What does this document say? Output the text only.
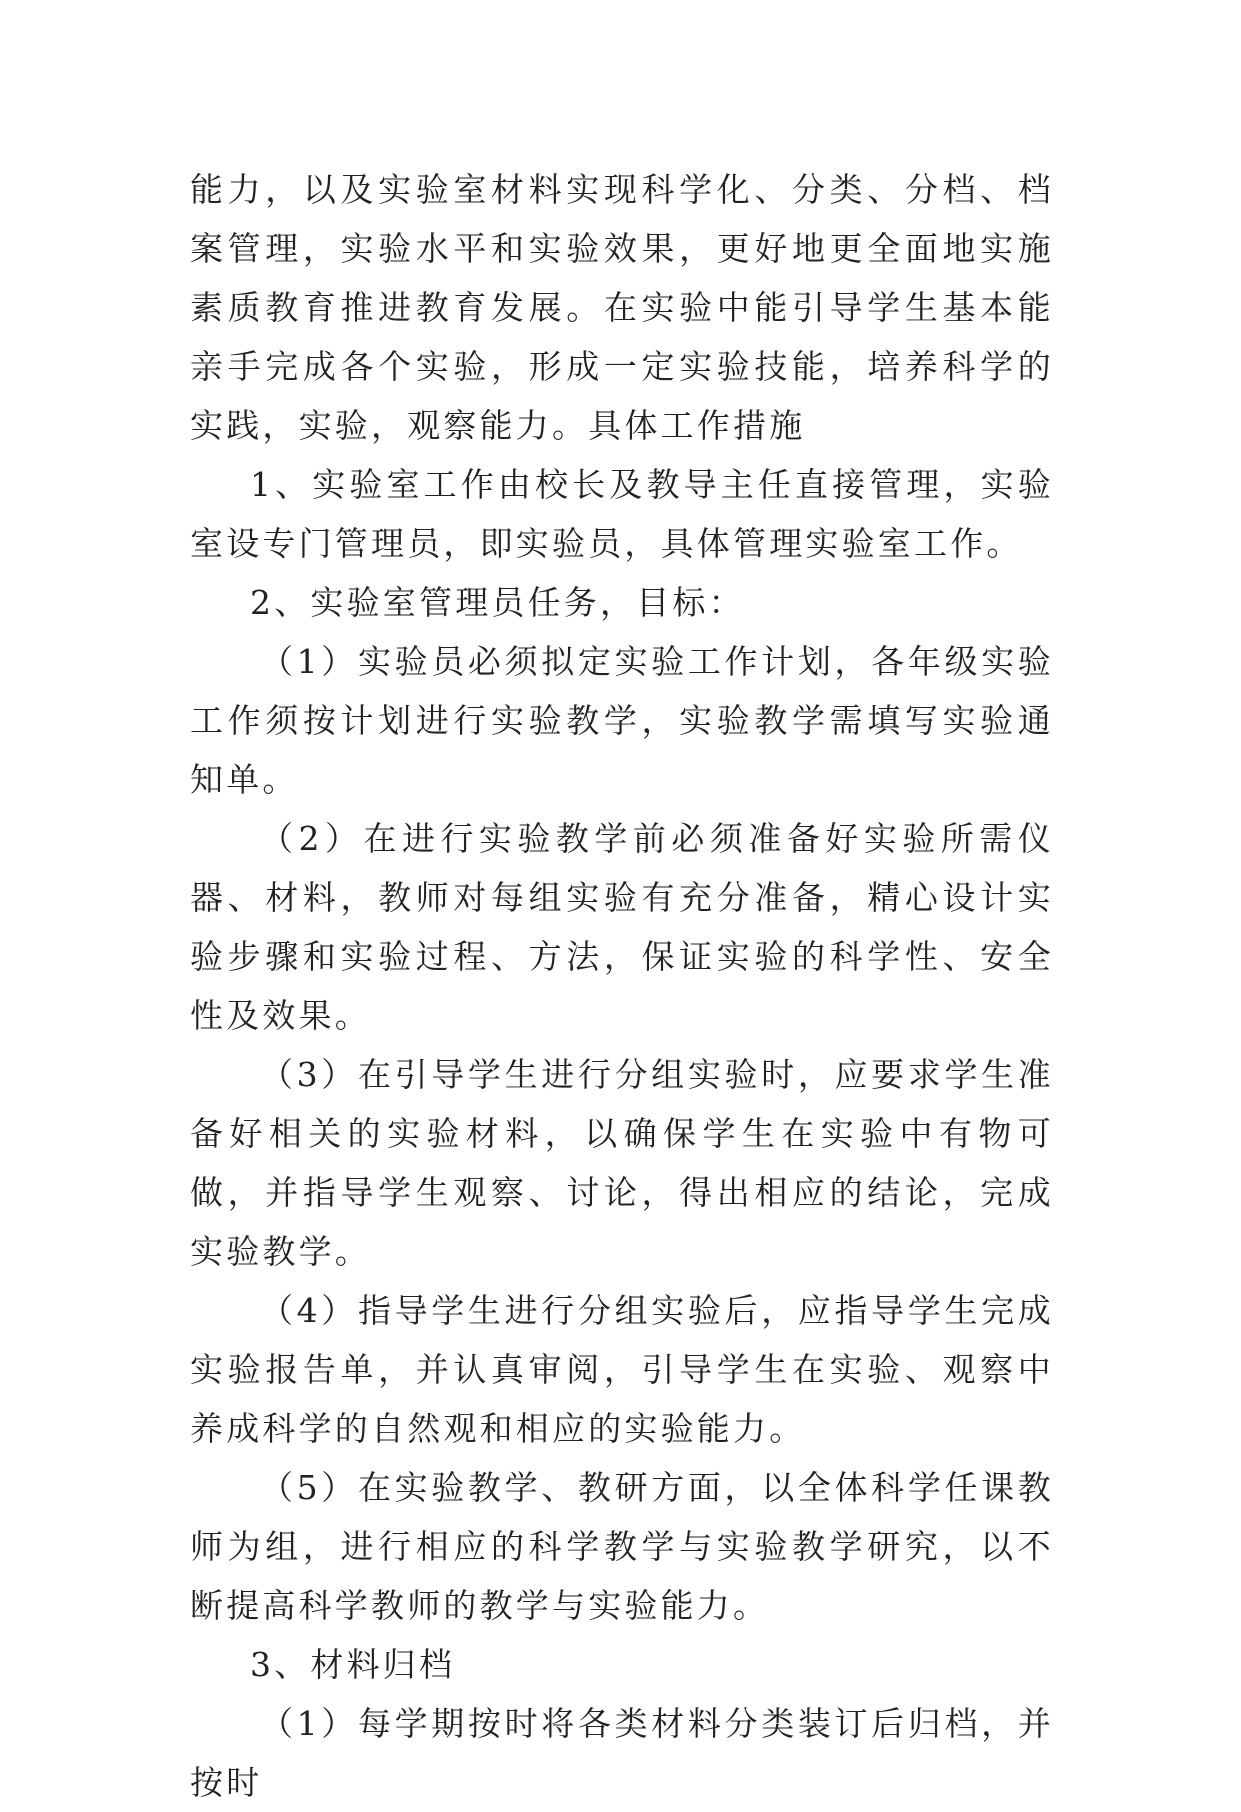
能力，以及实验室材料实现科学化、分类、分档、档案管理，实验水平和实验效果，更好地更全面地实施素质教育推进教育发展。在实验中能引导学生基本能亲手完成各个实验，形成一定实验技能，培养科学的实践，实验，观察能力。具体工作措施

1、实验室工作由校长及教导主任直接管理，实验室设专门管理员，即实验员，具体管理实验室工作。

2、实验室管理员任务，目标：

（1）实验员必须拟定实验工作计划，各年级实验工作须按计划进行实验教学，实验教学需填写实验通知单。

（2）在进行实验教学前必须准备好实验所需仪器、材料，教师对每组实验有充分准备，精心设计实验步骤和实验过程、方法，保证实验的科学性、安全性及效果。

（3）在引导学生进行分组实验时，应要求学生准备好相关的实验材料，以确保学生在实验中有物可做，并指导学生观察、讨论，得出相应的结论，完成实验教学。

（4）指导学生进行分组实验后，应指导学生完成实验报告单，并认真审阅，引导学生在实验、观察中养成科学的自然观和相应的实验能力。

（5）在实验教学、教研方面，以全体科学任课教师为组，进行相应的科学教学与实验教学研究，以不断提高科学教师的教学与实验能力。

3、材料归档

（1）每学期按时将各类材料分类装订后归档，并按时
